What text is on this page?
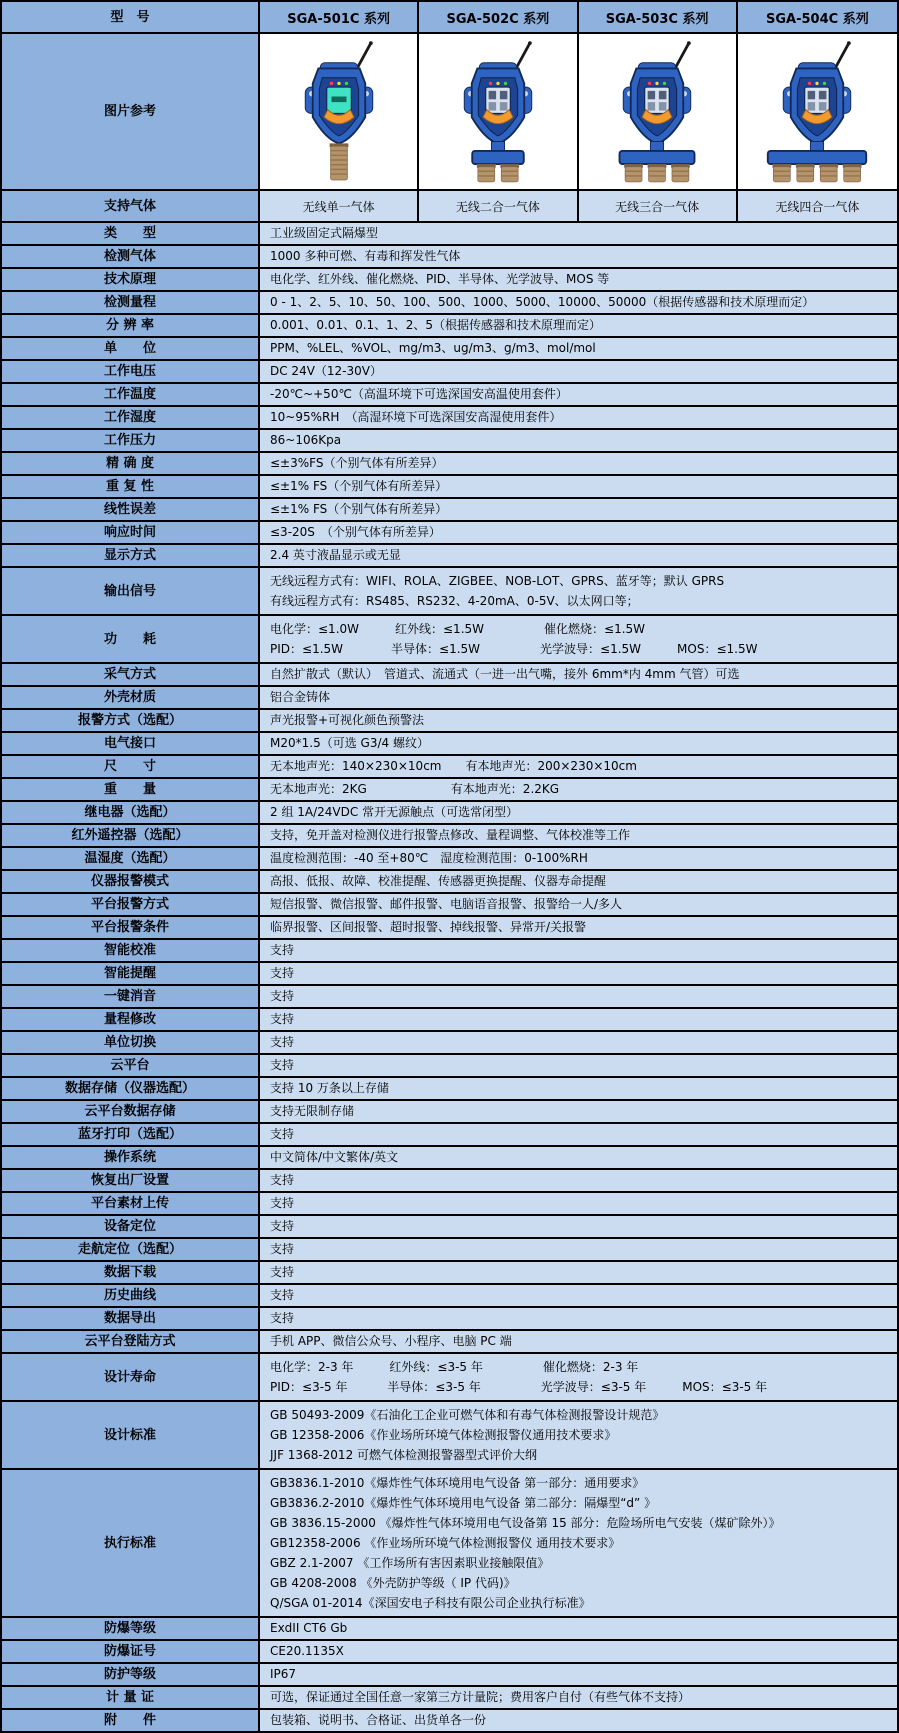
型　号	SGA-501C 系列	SGA-502C 系列	SGA-503C 系列	SGA-504C 系列
图片参考
支持气体	无线单一气体	无线二合一气体	无线三合一气体	无线四合一气体
类　　型	工业级固定式隔爆型
检测气体	1000 多种可燃、有毒和挥发性气体
技术原理	电化学、红外线、催化燃烧、PID、半导体、光学波导、MOS 等
检测量程	0 - 1、2、5、10、50、100、500、1000、5000、10000、50000（根据传感器和技术原理而定）
分 辨 率	0.001、0.01、0.1、1、2、5（根据传感器和技术原理而定）
单　　位	PPM、%LEL、%VOL、mg/m3、ug/m3、g/m3、mol/mol
工作电压	DC 24V（12-30V）
工作温度	-20℃~+50℃（高温环境下可选深国安高温使用套件）
工作湿度	10~95%RH　（高湿环境下可选深国安高湿使用套件）
工作压力	86~106Kpa
精 确 度	≤±3%FS（个别气体有所差异）
重 复 性	≤±1% FS（个别气体有所差异）
线性误差	≤±1% FS（个别气体有所差异）
响应时间	≤3-20S　（个别气体有所差异）
显示方式	2.4 英寸液晶显示或无显
输出信号
无线远程方式有：WIFI、ROLA、ZIGBEE、NOB-LOT、GPRS、蓝牙等；默认 GPRS
有线远程方式有：RS485、RS232、4-20mA、0-5V、以太网口等；
功　　耗
电化学：≤1.0W　　　红外线：≤1.5W　　　　　催化燃烧：≤1.5W
PID：≤1.5W　　　　半导体：≤1.5W　　　　　光学波导：≤1.5W　　　MOS：≤1.5W
采气方式	自然扩散式（默认）　管道式、流通式（一进一出气嘴，接外 6mm*内 4mm 气管）可选
外壳材质	铝合金铸体
报警方式（选配）	声光报警+可视化颜色预警法
电气接口	M20*1.5（可选 G3/4 螺纹）
尺　　寸	无本地声光：140×230×10cm　　有本地声光：200×230×10cm
重　　量	无本地声光：2KG　　　　　　　有本地声光：2.2KG
继电器（选配）	2 组 1A/24VDC 常开无源触点（可选常闭型）
红外遥控器（选配）	支持，免开盖对检测仪进行报警点修改、量程调整、气体校准等工作
温湿度（选配）	温度检测范围：-40 至+80℃　湿度检测范围：0-100%RH
仪器报警模式	高报、低报、故障、校准提醒、传感器更换提醒、仪器寿命提醒
平台报警方式	短信报警、微信报警、邮件报警、电脑语音报警、报警给一人/多人
平台报警条件	临界报警、区间报警、超时报警、掉线报警、异常开/关报警
智能校准	支持
智能提醒	支持
一键消音	支持
量程修改	支持
单位切换	支持
云平台	支持
数据存储（仪器选配）	支持 10 万条以上存储
云平台数据存储	支持无限制存储
蓝牙打印（选配）	支持
操作系统	中文简体/中文繁体/英文
恢复出厂设置	支持
平台素材上传	支持
设备定位	支持
走航定位（选配）	支持
数据下载	支持
历史曲线	支持
数据导出	支持
云平台登陆方式	手机 APP、微信公众号、小程序、电脑 PC 端
设计寿命
电化学：2-3 年　　　红外线：≤3-5 年　　　　　催化燃烧：2-3 年
PID：≤3-5 年　　　 半导体：≤3-5 年　　　　　光学波导：≤3-5 年　　　MOS：≤3-5 年
设计标准
GB 50493-2009《石油化工企业可燃气体和有毒气体检测报警设计规范》
GB 12358-2006《作业场所环境气体检测报警仪通用技术要求》
JJF 1368-2012 可燃气体检测报警器型式评价大纲
执行标准
GB3836.1-2010《爆炸性气体环境用电气设备 第一部分：通用要求》
GB3836.2-2010《爆炸性气体环境用电气设备 第二部分：隔爆型“d” 》
GB 3836.15-2000 《爆炸性气体环境用电气设备第 15 部分：危险场所电气安装（煤矿除外）》
GB12358-2006 《作业场所环境气体检测报警仪 通用技术要求》
GBZ 2.1-2007 《工作场所有害因素职业接触限值》
GB 4208-2008 《外壳防护等级（ IP 代码)》
Q/SGA 01-2014《深国安电子科技有限公司企业执行标准》
防爆等级	ExdII CT6 Gb
防爆证号	CE20.1135X
防护等级	IP67
计 量 证	可选，保证通过全国任意一家第三方计量院；费用客户自付（有些气体不支持）
附　　件	包装箱、说明书、合格证、出货单各一份
